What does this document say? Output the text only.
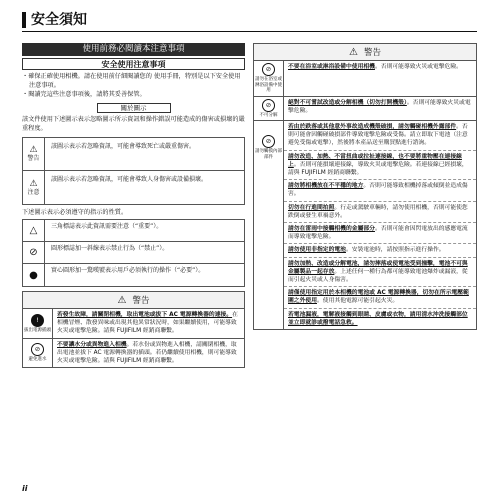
安全須知
使用前務必閱讀本注意事項
安全使用注意事項
・確保正確使用相機。請在使用前仔細閱讀您的 使用手冊，特別是以下安全使用注意事項。
・閱讀完這些注意事項後，請將其妥善保管。
關於圖示
該文件使用下述圖示表示忽略圖示所示資訊和操作錯誤可能造成的傷害或損壞的嚴重程度。
⚠
警告
該圖示表示若忽略資訊，可能會導致死亡或嚴重傷害。
⚠
注意
該圖示表示若忽略資訊，可能會導致人身傷害或設備損壞。
下述圖示表示必須遵守的指示的性質。
△	三角標誌表示此資訊需要注意（“重要”）。
⊘	圓形標誌加一斜線表示禁止行為（“禁止”）。
●	實心圓形加一驚嘆號表示用戶必須執行的操作（“必要”）。
⚠ 警告
!
拔出電源插頭
若發生故障，請關閉相機，取出電池或拔下 AC 電源轉換器的連接。在相機冒煙、散發異味或出現其他異常狀況時，如果繼續使用，可能導致火災或電擊危險。請與 FUJIFILM 經銷商聯繫。
⊘
避免進水
不要讓水分或異物進入相機。若水份或異物進入相機，請關閉相機，取出電池並拔下 AC 電源轉換器的插頭。若仍繼續使用相機，則可能導致火災或電擊危險。請與 FUJIFILM 經銷商聯繫。
⚠ 警告
⊘
請勿在浴室或淋浴設備中使用
不要在浴室或淋浴設備中使用相機。否則可能導致火災或電擊危險。
⊘
不可分解
絕對不可嘗試改造或分解相機（切勿打開機殼）。否則可能導致火災或電擊危險。
⊘
請勿觸摸內部部件
若由於跌落或其他意外事故造成機殼破損，請勿觸碰相機外露部件。否則可能會因觸碰破損部件導致電擊危險或受傷。請立即取下電池（注意避免受傷或電擊），然後將本產品送至購買點進行諮詢。
請勿改造、加熱、不當扭曲或拉扯連接線，也不要將重物壓在連接線上。否則可能損壞連接線，導致火災或電擊危險。若連接線已經損壞，請與 FUJIFILM 經銷商聯繫。
請勿將相機放在不平穩的地方。否則可能導致相機掉落或傾倒並造成傷害。
切勿在行進間拍照。行走或駕駛車輛時，請勿使用相機，否則可能使您跌倒或發生車禍意外。
請勿在雷雨中接觸相機的金屬部分。否則可能會因閃電放出的感應電流而導致電擊危險。
請勿使用非指定的電池。安裝電池時，請按照指示進行操作。
請勿加熱、改造或分解電池，請勿摔落或使電池受到撞擊，電池不可與金屬製品一起存放。上述任何一種行為都可能導致電池爆炸或漏液，從而引起火災或人身傷害。
請僅使用指定用於本相機的電池或 AC 電源轉換器，切勿在所示電壓範圍之外使用。使用其他電源可能引起火災。
若電池漏液，電解液接觸到眼睛、皮膚或衣物，請用清水沖洗接觸部位並立即就診或撥電話急救。
ii
